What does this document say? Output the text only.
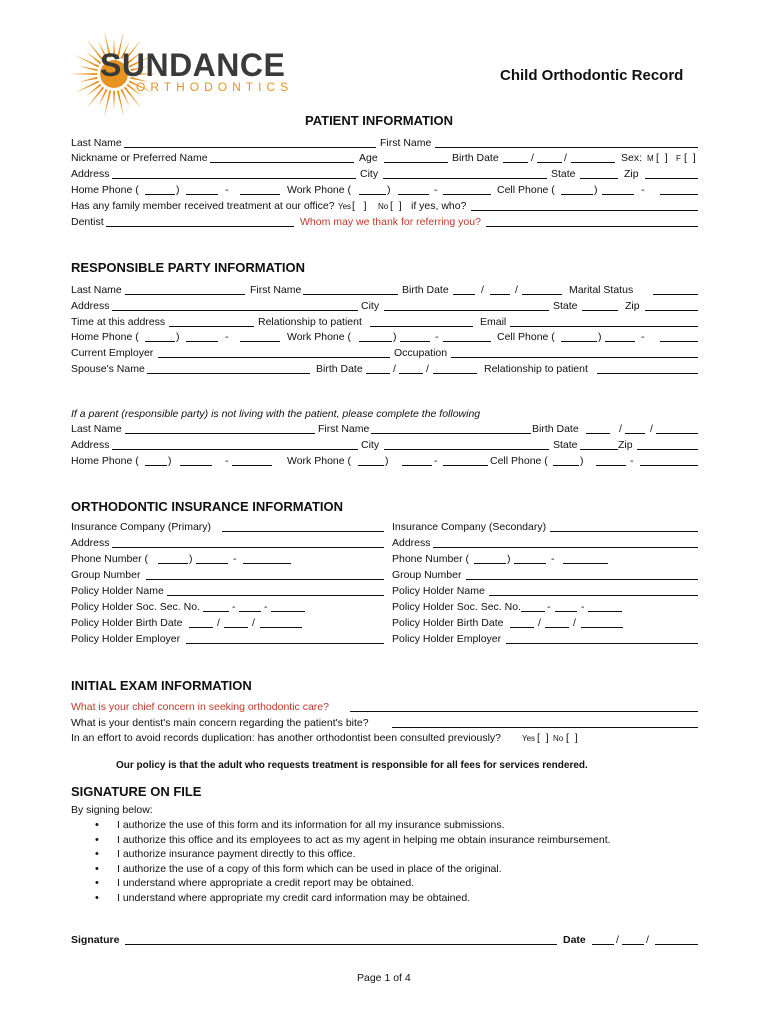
SUNDANCE
ORTHODONTICS
Child Orthodontic Record
PATIENT INFORMATION
Last Name	First Name
Nickname or Preferred Name	Age	Birth Date	/	/	Sex: M [  ] F [  ]
Address	City	State	Zip
Home Phone (	)	-	Work Phone (	)	-	Cell Phone (	)	-
Has any family member received treatment at our office? Yes [   ] No [  ] if yes, who?
Dentist	Whom may we thank for referring you?
RESPONSIBLE PARTY INFORMATION
Last Name	First Name	Birth Date	/	/	Marital Status
Address	City	State	Zip
Time at this address	Relationship to patient	Email
Home Phone (	)	-	Work Phone (	)	-	Cell Phone (	)	-
Current Employer	Occupation
Spouse's Name	Birth Date	/	/	Relationship to patient
If a parent (responsible party) is not living with the patient, please complete the following
Last Name	First Name	Birth Date	/	/
Address	City	State	Zip
Home Phone (	)	-	Work Phone (	)	-	Cell Phone (	)	-
ORTHODONTIC INSURANCE INFORMATION
Insurance Company (Primary)	Insurance Company (Secondary)
Address	Address
Phone Number (	)	-	Phone Number (	)	-
Group Number	Group Number
Policy Holder Name	Policy Holder Name
Policy Holder Soc. Sec. No.	-	-	Policy Holder Soc. Sec. No. -	-
Policy Holder Birth Date	/	/	Policy Holder Birth Date	/	/
Policy Holder Employer	Policy Holder Employer
INITIAL EXAM INFORMATION
What is your chief concern in seeking orthodontic care?
What is your dentist's main concern regarding the patient's bite?
In an effort to avoid records duplication: has another orthodontist been consulted previously?	Yes [  ] No [  ]
Our policy is that the adult who requests treatment is responsible for all fees for services rendered.
SIGNATURE ON FILE
By signing below:
• I authorize the use of this form and its information for all my insurance submissions.
• I authorize this office and its employees to act as my agent in helping me obtain insurance reimbursement.
• I authorize insurance payment directly to this office.
• I authorize the use of a copy of this form which can be used in place of the original.
• I understand where appropriate a credit report may be obtained.
• I understand where appropriate my credit card information may be obtained.
Signature	Date	/	/
Page 1 of 4
